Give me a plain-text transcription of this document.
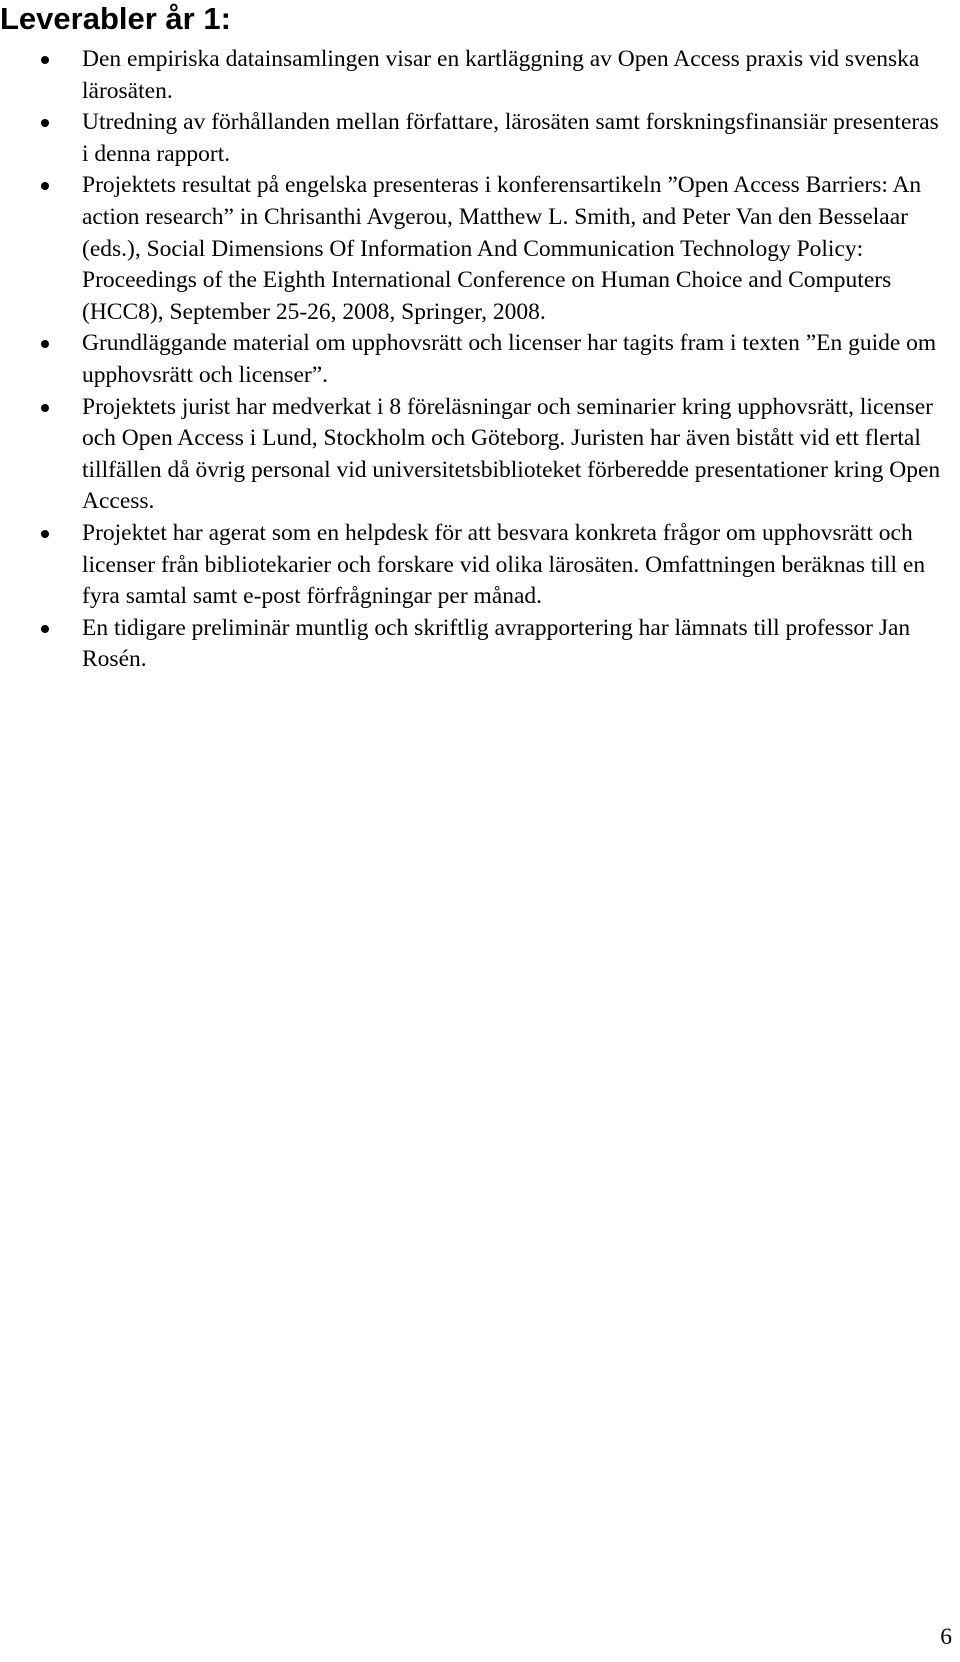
Leverabler år 1:
Den empiriska datainsamlingen visar en kartläggning av Open Access praxis vid svenska lärosäten.
Utredning av förhållanden mellan författare, lärosäten samt forskningsfinansiär presenteras i denna rapport.
Projektets resultat på engelska presenteras i konferensartikeln ”Open Access Barriers: An action research” in Chrisanthi Avgerou, Matthew L. Smith, and Peter Van den Besselaar (eds.), Social Dimensions Of Information And Communication Technology Policy: Proceedings of the Eighth International Conference on Human Choice and Computers (HCC8), September 25-26, 2008, Springer, 2008.
Grundläggande material om upphovsrätt och licenser har tagits fram i texten ”En guide om upphovsrätt och licenser”.
Projektets jurist har medverkat i 8 föreläsningar och seminarier kring upphovsrätt, licenser och Open Access i Lund, Stockholm och Göteborg. Juristen har även bistått vid ett flertal tillfällen då övrig personal vid universitetsbiblioteket förberedde presentationer kring Open Access.
Projektet har agerat som en helpdesk för att besvara konkreta frågor om upphovsrätt och licenser från bibliotekarier och forskare vid olika lärosäten. Omfattningen beräknas till en fyra samtal samt e-post förfrågningar per månad.
En tidigare preliminär muntlig och skriftlig avrapportering har lämnats till professor Jan Rosén.
6
